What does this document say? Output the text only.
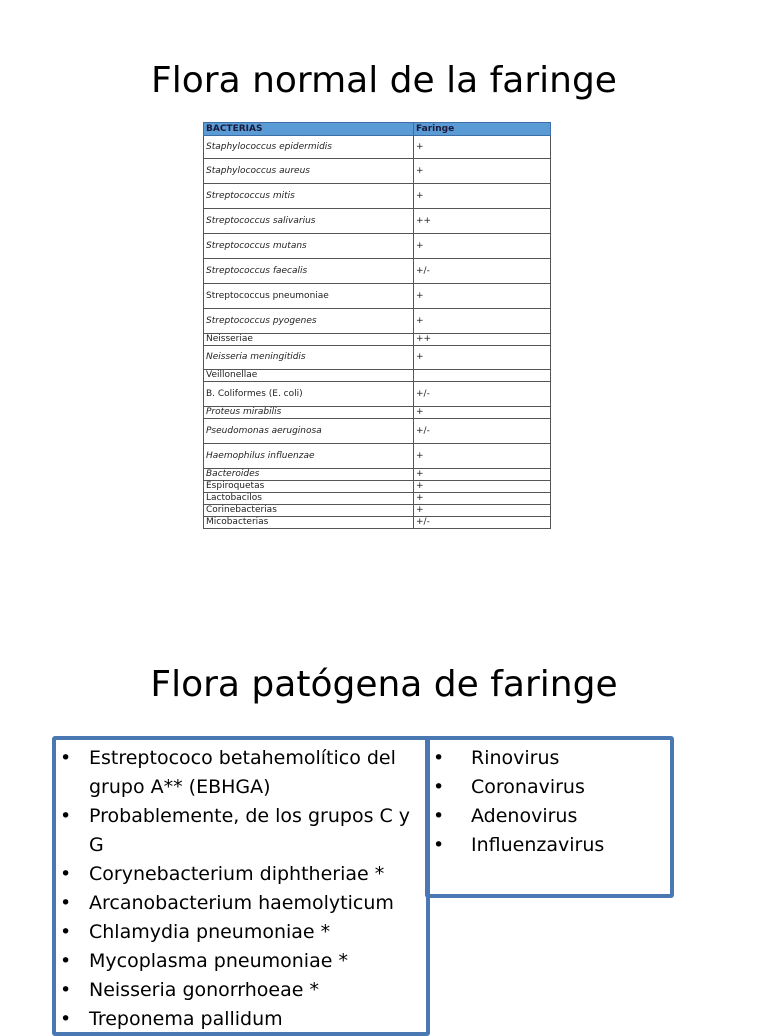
Flora normal de la faringe
BACTERIAS	Faringe
Staphylococcus epidermidis	+
Staphylococcus aureus	+
Streptococcus mitis	+
Streptococcus salivarius	++
Streptococcus mutans	+
Streptococcus faecalis	+/-
Streptococcus pneumoniae	+
Streptococcus pyogenes	+
Neisseriae	++
Neisseria meningitidis	+
Veillonellae	
B. Coliformes (E. coli)	+/-
Proteus mirabilis	+
Pseudomonas aeruginosa	+/-
Haemophilus influenzae	+
Bacteroides	+
Espiroquetas	+
Lactobacilos	+
Corinebacterias	+
Micobacterias	+/-
Flora patógena de faringe
• Estreptococo betahemolítico del grupo A** (EBHGA)
• Probablemente, de los grupos C y G
• Corynebacterium diphtheriae *
• Arcanobacterium haemolyticum
• Chlamydia pneumoniae *
• Mycoplasma pneumoniae *
• Neisseria gonorrhoeae *
• Treponema pallidum
• Rinovirus
• Coronavirus
• Adenovirus
• Influenzavirus
